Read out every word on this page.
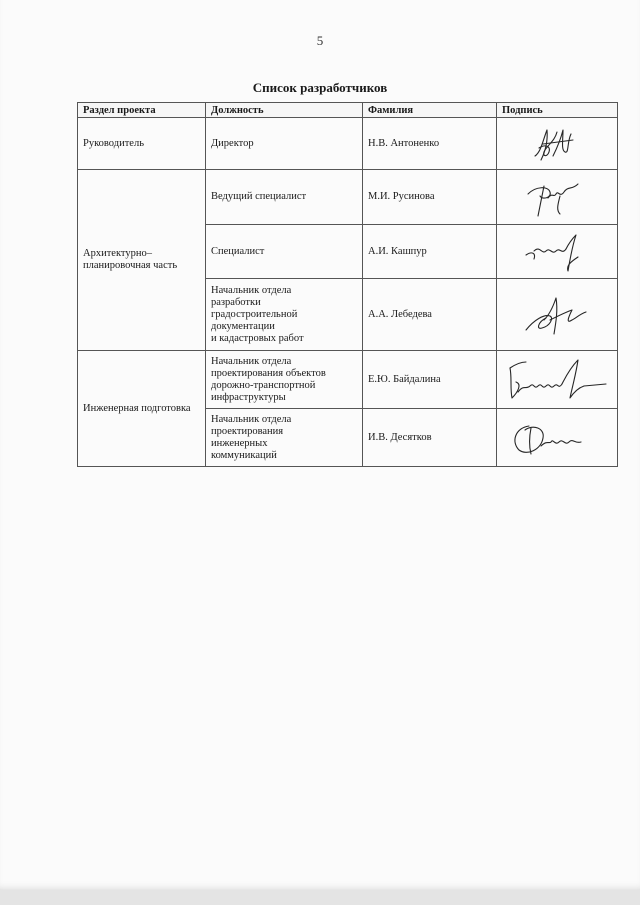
5
Список разработчиков
Раздел проекта	Должность	Фамилия	Подпись
Руководитель	Директор	Н.В. Антоненко	

Архитектурно–планировочная часть	Ведущий специалист	М.И. Русинова	

	Специалист	А.И. Кашпур	

	Начальник отдела
разработки
градостроительной
документации
и кадастровых работ	А.А. Лебедева	

Инженерная подготовка	Начальник отдела
проектирования объектов
дорожно-транспортной
инфраструктуры	Е.Ю. Байдалина	

	Начальник отдела
проектирования
инженерных
коммуникаций	И.В. Десятков	
